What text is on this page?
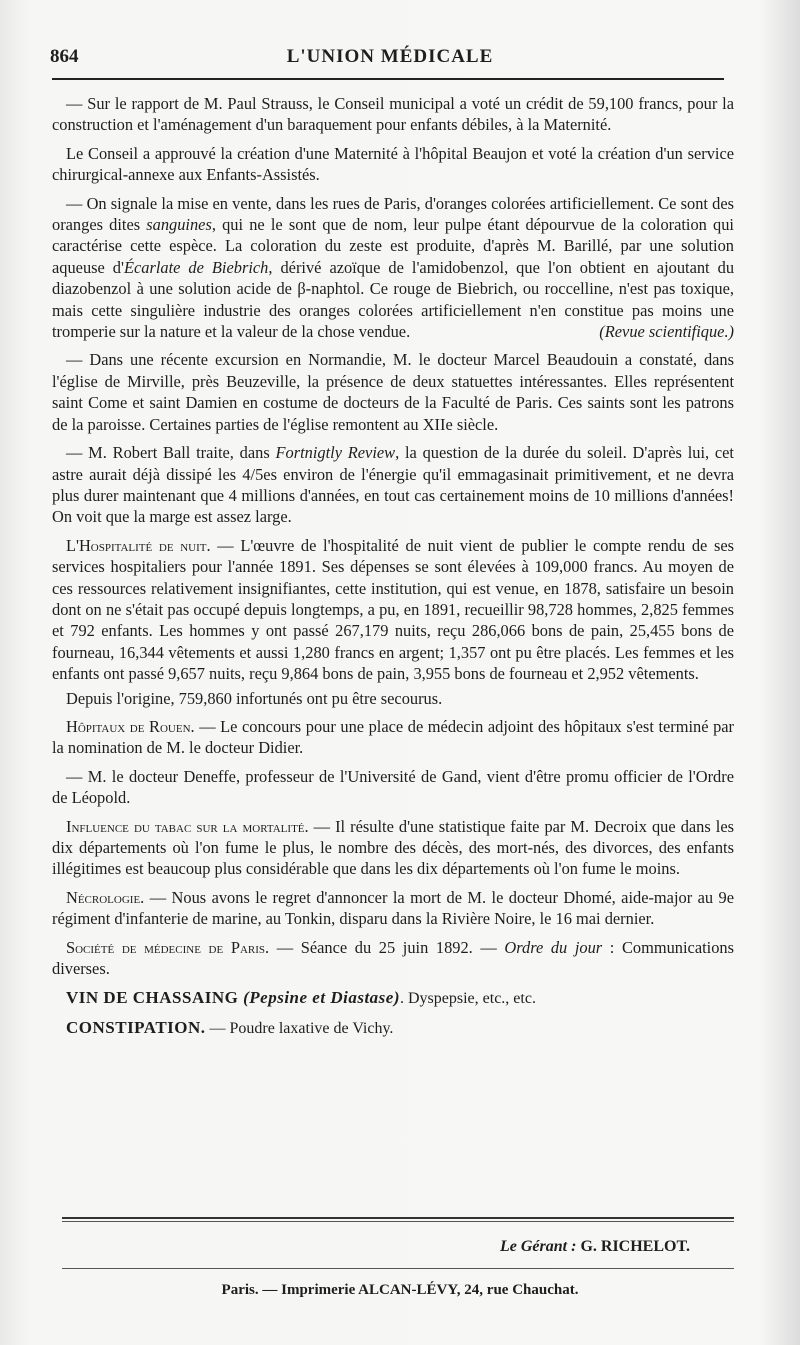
864	L'UNION MÉDICALE

— Sur le rapport de M. Paul Strauss, le Conseil municipal a voté un crédit de 59,100 francs, pour la construction et l'aménagement d'un baraquement pour enfants débiles, à la Maternité.

Le Conseil a approuvé la création d'une Maternité à l'hôpital Beaujon et voté la création d'un service chirurgical-annexe aux Enfants-Assistés.

— On signale la mise en vente, dans les rues de Paris, d'oranges colorées artificiellement. Ce sont des oranges dites sanguines, qui ne le sont que de nom, leur pulpe étant dépourvue de la coloration qui caractérise cette espèce. La coloration du zeste est produite, d'après M. Barillé, par une solution aqueuse d'Écarlate de Biebrich, dérivé azoïque de l'amidobenzol, que l'on obtient en ajoutant du diazobenzol à une solution acide de β-naphtol. Ce rouge de Biebrich, ou roccelline, n'est pas toxique, mais cette singulière industrie des oranges colorées artificiellement n'en constitue pas moins une tromperie sur la nature et la valeur de la chose vendue.	(Revue scientifique.)

— Dans une récente excursion en Normandie, M. le docteur Marcel Beaudouin a constaté, dans l'église de Mirville, près Beuzeville, la présence de deux statuettes intéressantes. Elles représentent saint Come et saint Damien en costume de docteurs de la Faculté de Paris. Ces saints sont les patrons de la paroisse. Certaines parties de l'église remontent au XIIe siècle.

— M. Robert Ball traite, dans Fortnigtly Review, la question de la durée du soleil. D'après lui, cet astre aurait déjà dissipé les 4/5es environ de l'énergie qu'il emmagasinait primitivement, et ne devra plus durer maintenant que 4 millions d'années, en tout cas certainement moins de 10 millions d'années! On voit que la marge est assez large.

L'Hospitalité de nuit. — L'œuvre de l'hospitalité de nuit vient de publier le compte rendu de ses services hospitaliers pour l'année 1891. Ses dépenses se sont élevées à 109,000 francs. Au moyen de ces ressources relativement insignifiantes, cette institution, qui est venue, en 1878, satisfaire un besoin dont on ne s'était pas occupé depuis longtemps, a pu, en 1891, recueillir 98,728 hommes, 2,825 femmes et 792 enfants. Les hommes y ont passé 267,179 nuits, reçu 286,066 bons de pain, 25,455 bons de fourneau, 16,344 vêtements et aussi 1,280 francs en argent; 1,357 ont pu être placés. Les femmes et les enfants ont passé 9,657 nuits, reçu 9,864 bons de pain, 3,955 bons de fourneau et 2,952 vêtements.

Depuis l'origine, 759,860 infortunés ont pu être secourus.

Hôpitaux de Rouen. — Le concours pour une place de médecin adjoint des hôpitaux s'est terminé par la nomination de M. le docteur Didier.

— M. le docteur Deneffe, professeur de l'Université de Gand, vient d'être promu officier de l'Ordre de Léopold.

Influence du tabac sur la mortalité. — Il résulte d'une statistique faite par M. Decroix que dans les dix départements où l'on fume le plus, le nombre des décès, des mort-nés, des divorces, des enfants illégitimes est beaucoup plus considérable que dans les dix départements où l'on fume le moins.

Nécrologie. — Nous avons le regret d'annoncer la mort de M. le docteur Dhomé, aide-major au 9e régiment d'infanterie de marine, au Tonkin, disparu dans la Rivière Noire, le 16 mai dernier.

Société de médecine de Paris. — Séance du 25 juin 1892. — Ordre du jour : Communications diverses.

VIN DE CHASSAING (Pepsine et Diastase). Dyspepsie, etc., etc.

CONSTIPATION. — Poudre laxative de Vichy.

Le Gérant : G. RICHELOT.
Paris. — Imprimerie ALCAN-LÉVY, 24, rue Chauchat.
